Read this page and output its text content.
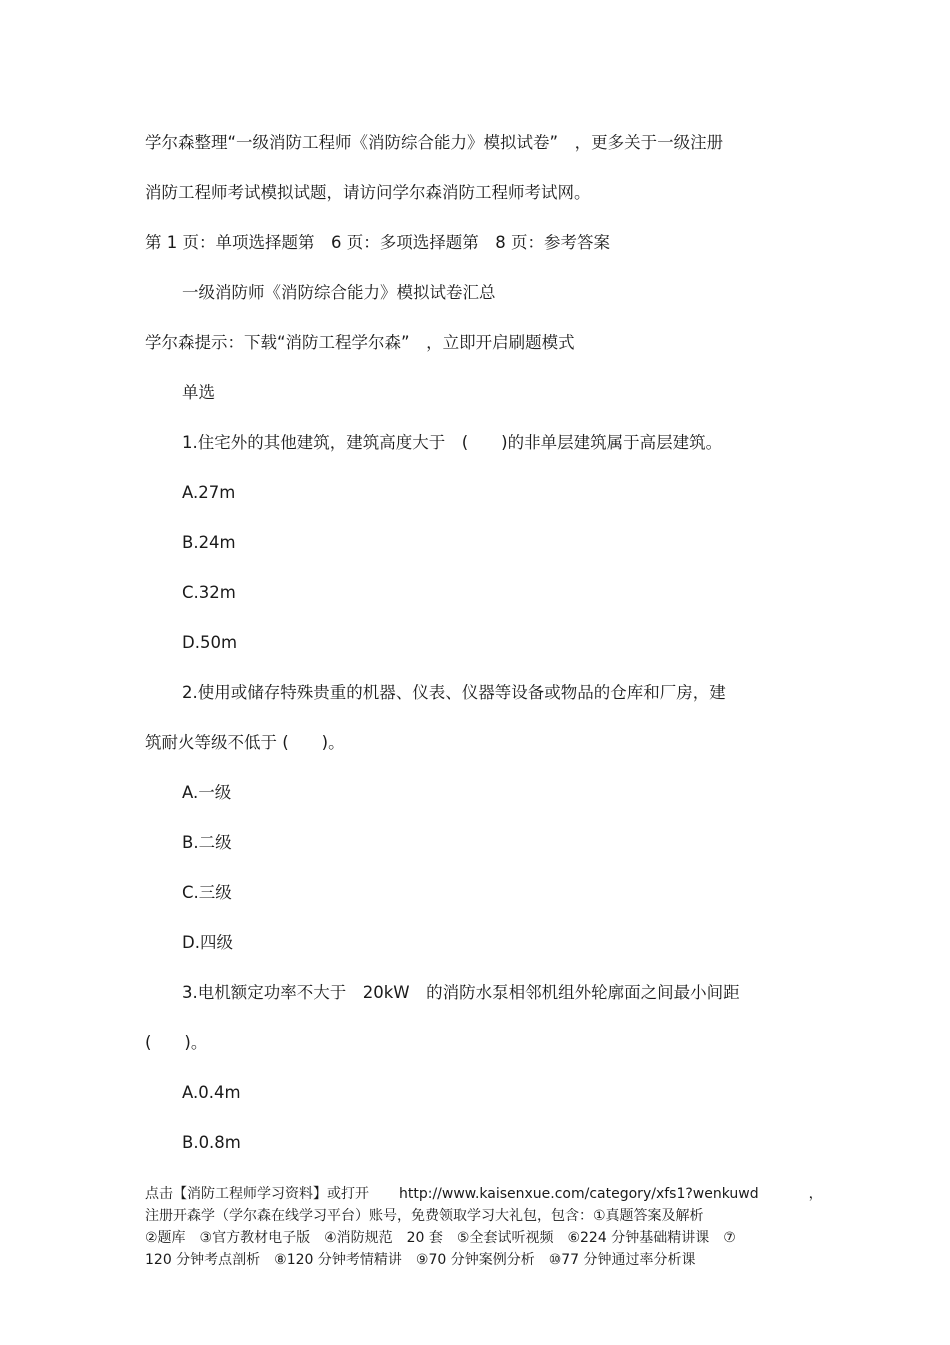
学尔森整理“一级消防工程师《消防综合能力》模拟试卷”　，更多关于一级注册
消防工程师考试模拟试题，请访问学尔森消防工程师考试网。
第 1 页：单项选择题第　6 页：多项选择题第　8 页：参考答案
一级消防师《消防综合能力》模拟试卷汇总
学尔森提示：下载“消防工程学尔森”　，立即开启刷题模式
单选
1.住宅外的其他建筑，建筑高度大于　(　　)的非单层建筑属于高层建筑。
A.27m
B.24m
C.32m
D.50m
2.使用或储存特殊贵重的机器、仪表、仪器等设备或物品的仓库和厂房，建
筑耐火等级不低于 (　　)。
A.一级
B.二级
C.三级
D.四级
3.电机额定功率不大于　20kW　的消防水泵相邻机组外轮廓面之间最小间距
(　　)。
A.0.4m
B.0.8m
点击【消防工程师学习资料】或打开 http://www.kaisenxue.com/category/xfs1?wenkuwd	，
注册开森学（学尔森在线学习平台）账号，免费领取学习大礼包，包含：①真题答案及解析
②题库　③官方教材电子版　④消防规范　20 套　⑤全套试听视频　⑥224 分钟基础精讲课　⑦
120 分钟考点剖析　⑧120 分钟考情精讲　⑨70 分钟案例分析　⑩77 分钟通过率分析课
